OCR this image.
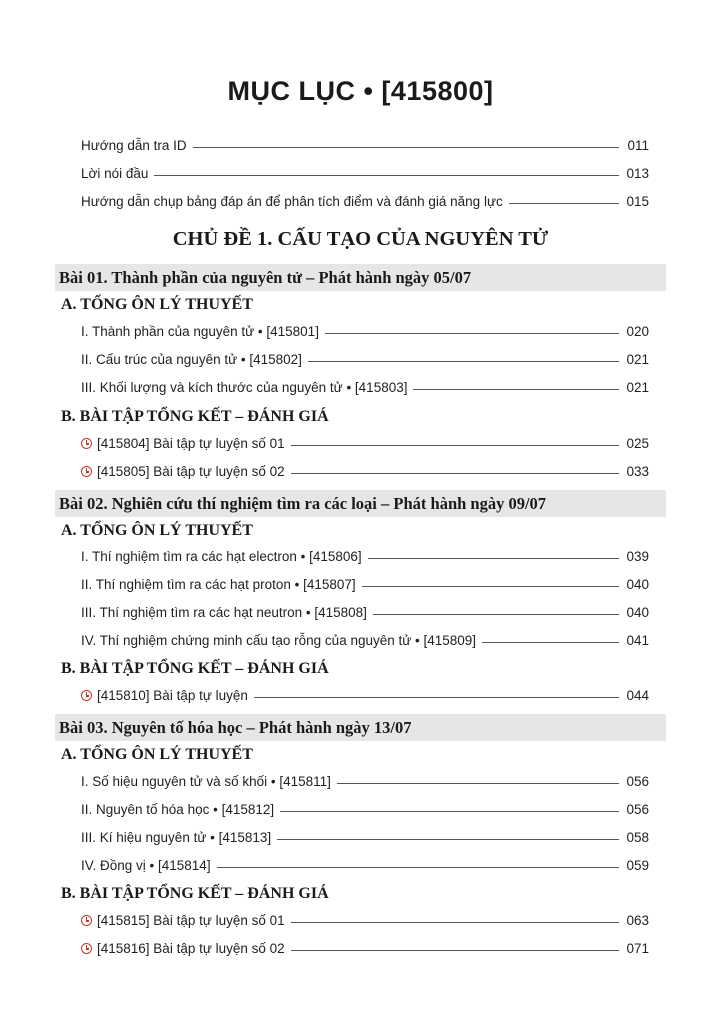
MỤC LỤC • [415800]
Hướng dẫn tra ID	011
Lời nói đầu	013
Hướng dẫn chụp bảng đáp án để phân tích điểm và đánh giá năng lực	015
CHỦ ĐỀ 1. CẤU TẠO CỦA NGUYÊN TỬ
Bài 01. Thành phần của nguyên tử – Phát hành ngày 05/07
A. TỔNG ÔN LÝ THUYẾT
I. Thành phần của nguyên tử • [415801]	020
II. Cấu trúc của nguyên tử • [415802]	021
III. Khối lượng và kích thước của nguyên tử • [415803]	021
B. BÀI TẬP TỔNG KẾT – ĐÁNH GIÁ
[415804] Bài tập tự luyện số 01	025
[415805] Bài tập tự luyện số 02	033
Bài 02. Nghiên cứu thí nghiệm tìm ra các loại – Phát hành ngày 09/07
A. TỔNG ÔN LÝ THUYẾT
I. Thí nghiệm tìm ra các hạt electron • [415806]	039
II. Thí nghiệm tìm ra các hạt proton • [415807]	040
III. Thí nghiệm tìm ra các hạt neutron • [415808]	040
IV. Thí nghiệm chứng minh cấu tạo rỗng của nguyên tử • [415809]	041
B. BÀI TẬP TỔNG KẾT – ĐÁNH GIÁ
[415810] Bài tập tự luyện	044
Bài 03. Nguyên tố hóa học – Phát hành ngày 13/07
A. TỔNG ÔN LÝ THUYẾT
I. Số hiệu nguyên tử và số khối • [415811]	056
II. Nguyên tố hóa học • [415812]	056
III. Kí hiệu nguyên tử • [415813]	058
IV. Đồng vị • [415814]	059
B. BÀI TẬP TỔNG KẾT – ĐÁNH GIÁ
[415815] Bài tập tự luyện số 01	063
[415816] Bài tập tự luyện số 02	071
